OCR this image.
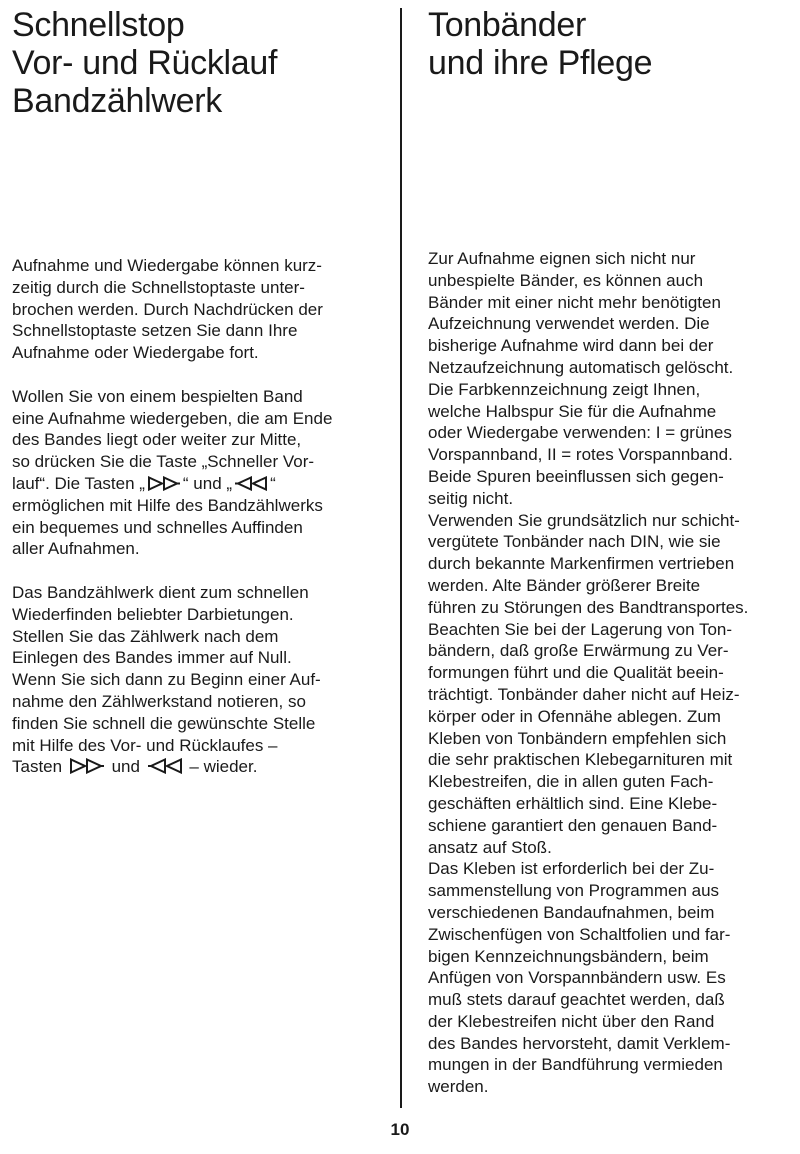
Schnellstop
Vor- und Rücklauf
Bandzählwerk
Tonbänder
und ihre Pflege
Aufnahme und Wiedergabe können kurz-
zeitig durch die Schnellstoptaste unter-
brochen werden. Durch Nachdrücken der
Schnellstoptaste setzen Sie dann Ihre
Aufnahme oder Wiedergabe fort.
Wollen Sie von einem bespielten Band
eine Aufnahme wiedergeben, die am Ende
des Bandes liegt oder weiter zur Mitte,
so drücken Sie die Taste „Schneller Vor-
lauf“. Die Tasten „ “ und „ “
ermöglichen mit Hilfe des Bandzählwerks
ein bequemes und schnelles Auffinden
aller Aufnahmen.
Das Bandzählwerk dient zum schnellen
Wiederfinden beliebter Darbietungen.
Stellen Sie das Zählwerk nach dem
Einlegen des Bandes immer auf Null.
Wenn Sie sich dann zu Beginn einer Auf-
nahme den Zählwerkstand notieren, so
finden Sie schnell die gewünschte Stelle
mit Hilfe des Vor- und Rücklaufes –
Tasten	und	– wieder.
Zur Aufnahme eignen sich nicht nur
unbespielte Bänder, es können auch
Bänder mit einer nicht mehr benötigten
Aufzeichnung verwendet werden. Die
bisherige Aufnahme wird dann bei der
Netzaufzeichnung automatisch gelöscht.
Die Farbkennzeichnung zeigt Ihnen,
welche Halbspur Sie für die Aufnahme
oder Wiedergabe verwenden: I = grünes
Vorspannband, II = rotes Vorspannband.
Beide Spuren beeinflussen sich gegen-
seitig nicht.
Verwenden Sie grundsätzlich nur schicht-
vergütete Tonbänder nach DIN, wie sie
durch bekannte Markenfirmen vertrieben
werden. Alte Bänder größerer Breite
führen zu Störungen des Bandtransportes.
Beachten Sie bei der Lagerung von Ton-
bändern, daß große Erwärmung zu Ver-
formungen führt und die Qualität beein-
trächtigt. Tonbänder daher nicht auf Heiz-
körper oder in Ofennähe ablegen. Zum
Kleben von Tonbändern empfehlen sich
die sehr praktischen Klebegarnituren mit
Klebestreifen, die in allen guten Fach-
geschäften erhältlich sind. Eine Klebe-
schiene garantiert den genauen Band-
ansatz auf Stoß.
Das Kleben ist erforderlich bei der Zu-
sammenstellung von Programmen aus
verschiedenen Bandaufnahmen, beim
Zwischenfügen von Schaltfolien und far-
bigen Kennzeichnungsbändern, beim
Anfügen von Vorspannbändern usw. Es
muß stets darauf geachtet werden, daß
der Klebestreifen nicht über den Rand
des Bandes hervorsteht, damit Verklem-
mungen in der Bandführung vermieden
werden.
10
